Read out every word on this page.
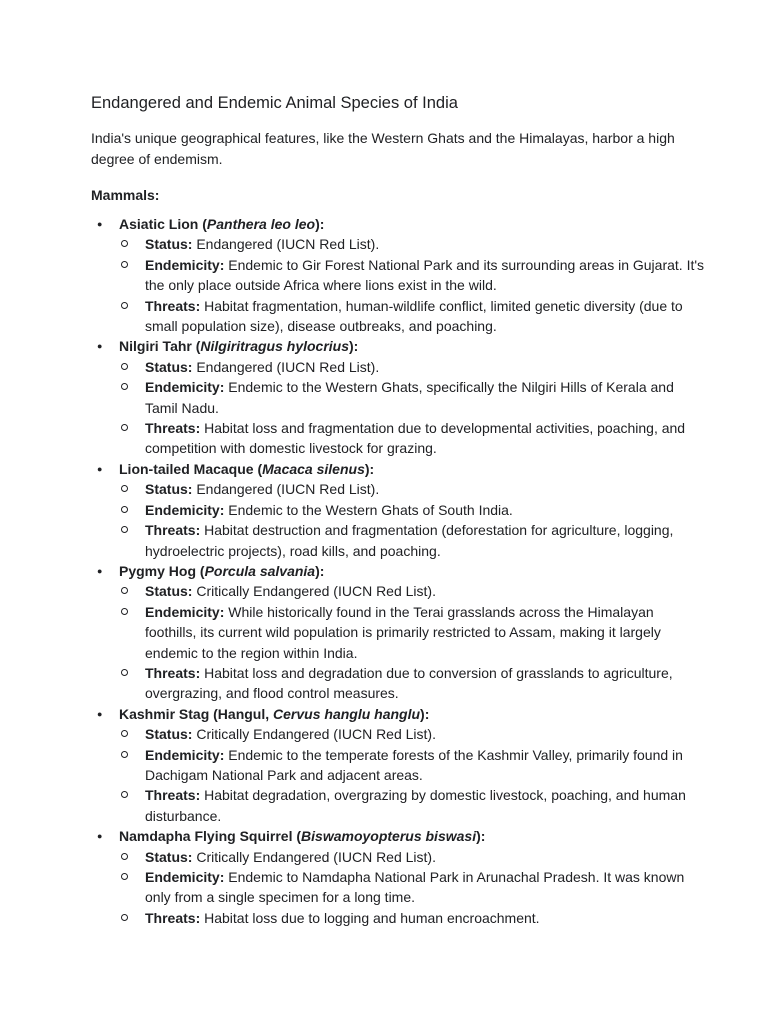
Endangered and Endemic Animal Species of India

India's unique geographical features, like the Western Ghats and the Himalayas, harbor a high degree of endemism.

Mammals:
● Asiatic Lion (Panthera leo leo):
Status: Endangered (IUCN Red List).
Endemicity: Endemic to Gir Forest National Park and its surrounding areas in Gujarat. It's the only place outside Africa where lions exist in the wild.
Threats: Habitat fragmentation, human-wildlife conflict, limited genetic diversity (due to small population size), disease outbreaks, and poaching.
● Nilgiri Tahr (Nilgiritragus hylocrius):
Status: Endangered (IUCN Red List).
Endemicity: Endemic to the Western Ghats, specifically the Nilgiri Hills of Kerala and Tamil Nadu.
Threats: Habitat loss and fragmentation due to developmental activities, poaching, and competition with domestic livestock for grazing.
● Lion-tailed Macaque (Macaca silenus):
Status: Endangered (IUCN Red List).
Endemicity: Endemic to the Western Ghats of South India.
Threats: Habitat destruction and fragmentation (deforestation for agriculture, logging, hydroelectric projects), road kills, and poaching.
● Pygmy Hog (Porcula salvania):
Status: Critically Endangered (IUCN Red List).
Endemicity: While historically found in the Terai grasslands across the Himalayan foothills, its current wild population is primarily restricted to Assam, making it largely endemic to the region within India.
Threats: Habitat loss and degradation due to conversion of grasslands to agriculture, overgrazing, and flood control measures.
● Kashmir Stag (Hangul, Cervus hanglu hanglu):
Status: Critically Endangered (IUCN Red List).
Endemicity: Endemic to the temperate forests of the Kashmir Valley, primarily found in Dachigam National Park and adjacent areas.
Threats: Habitat degradation, overgrazing by domestic livestock, poaching, and human disturbance.
● Namdapha Flying Squirrel (Biswamoyopterus biswasi):
Status: Critically Endangered (IUCN Red List).
Endemicity: Endemic to Namdapha National Park in Arunachal Pradesh. It was known only from a single specimen for a long time.
Threats: Habitat loss due to logging and human encroachment.
